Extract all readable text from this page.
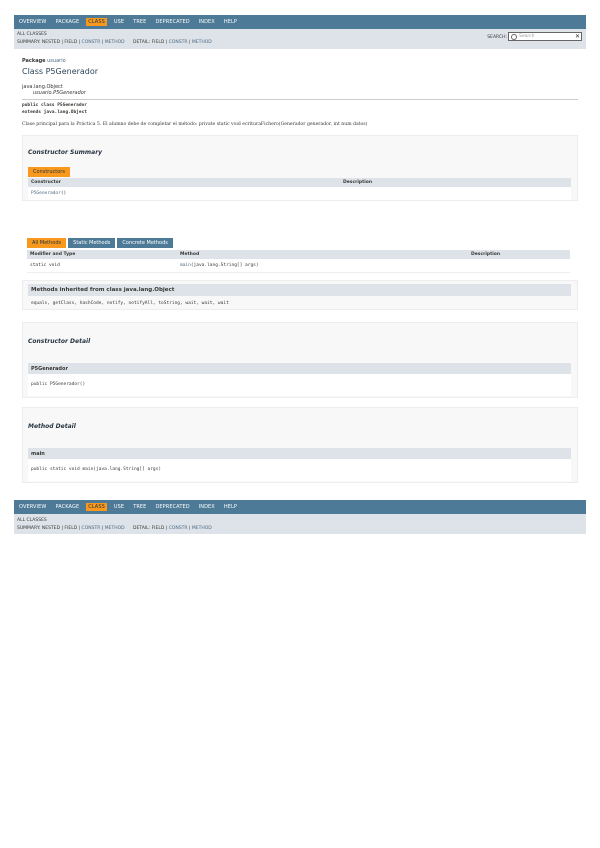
OVERVIEW	PACKAGE	CLASS	USE	TREE	DEPRECATED	INDEX	HELP
ALL CLASSES
SUMMARY: NESTED | FIELD | CONSTR | METHOD DETAIL: FIELD | CONSTR | METHOD
SEARCH:	Search	✕
Package usuario
Class P5Generador
java.lang.Object
usuario.P5Generador
public class P5Generador
extends java.lang.Object
Clase principal para la Práctica 5. El alumno debe de completar el método: private static void ecrituraFichero(Generador generador, int num datos)
Constructor Summary
Constructors
Constructor	Description
P5Generador()
All Methods	Static Methods	Concrete Methods
Modifier and Type	Method	Description
static void	main(java.lang.String[] args)
Methods inherited from class java.lang.Object
equals, getClass, hashCode, notify, notifyAll, toString, wait, wait, wait
Constructor Detail
P5Generador
public P5Generador()
Method Detail
main
public static void main(java.lang.String[] args)
OVERVIEW	PACKAGE	CLASS	USE	TREE	DEPRECATED	INDEX	HELP
ALL CLASSES
SUMMARY: NESTED | FIELD | CONSTR | METHOD DETAIL: FIELD | CONSTR | METHOD
